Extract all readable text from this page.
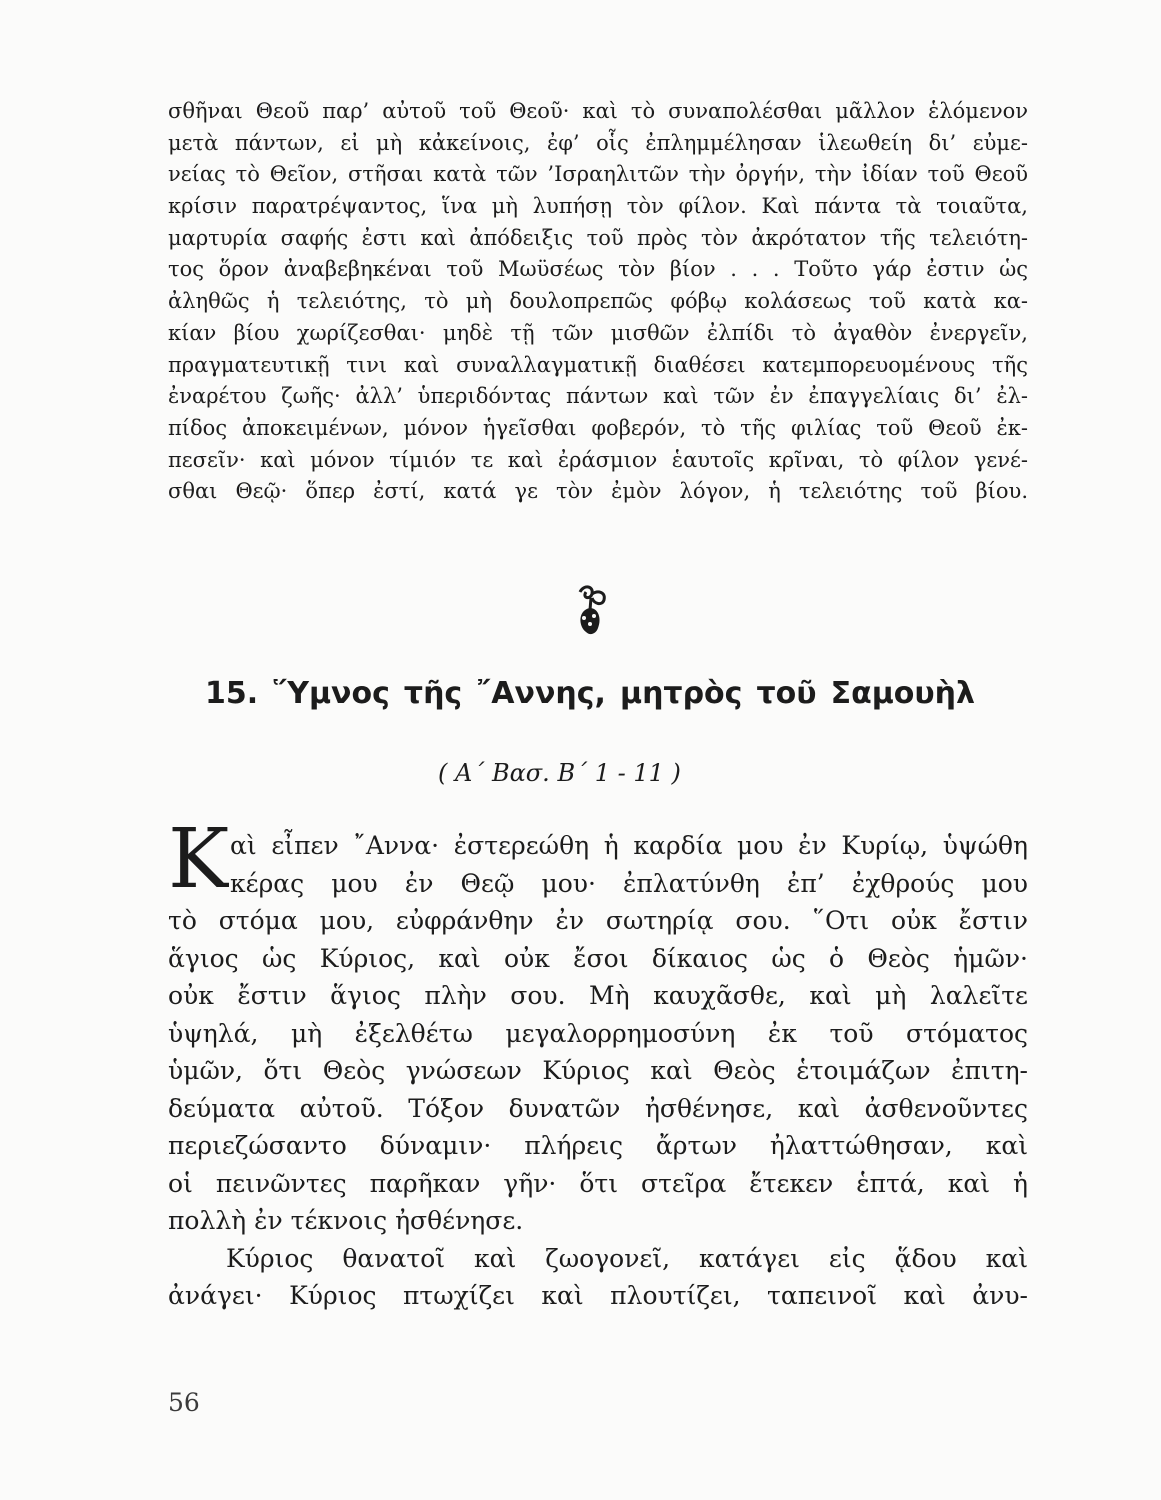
σθῆναι Θεοῦ παρ’ αὐτοῦ τοῦ Θεοῦ· καὶ τὸ συναπολέσθαι μᾶλλον ἑλόμενον
μετὰ πάντων, εἰ μὴ κἀκείνοις, ἐφ’ οἷς ἐπλημμέλησαν ἱλεωθείη δι’ εὐμε-
νείας τὸ Θεῖον, στῆσαι κατὰ τῶν ’Ισραηλιτῶν τὴν ὀργήν, τὴν ἰδίαν τοῦ Θεοῦ
κρίσιν παρατρέψαντος, ἵνα μὴ λυπήσῃ τὸν φίλον. Καὶ πάντα τὰ τοιαῦτα,
μαρτυρία σαφής ἐστι καὶ ἀπόδειξις τοῦ πρὸς τὸν ἀκρότατον τῆς τελειότη-
τος ὅρον ἀναβεβηκέναι τοῦ Μωϋσέως τὸν βίον . . . Τοῦτο γάρ ἐστιν ὡς
ἀληθῶς ἡ τελειότης, τὸ μὴ δουλοπρεπῶς φόβῳ κολάσεως τοῦ κατὰ κα-
κίαν βίου χωρίζεσθαι· μηδὲ τῇ τῶν μισθῶν ἐλπίδι τὸ ἀγαθὸν ἐνεργεῖν,
πραγματευτικῇ τινι καὶ συναλλαγματικῇ διαθέσει κατεμπορευομένους τῆς
ἐναρέτου ζωῆς· ἀλλ’ ὑπεριδόντας πάντων καὶ τῶν ἐν ἐπαγγελίαις δι’ ἐλ-
πίδος ἀποκειμένων, μόνον ἡγεῖσθαι φοβερόν, τὸ τῆς φιλίας τοῦ Θεοῦ ἐκ-
πεσεῖν· καὶ μόνον τίμιόν τε καὶ ἐράσμιον ἑαυτοῖς κρῖναι, τὸ φίλον γενέ-
σθαι Θεῷ· ὅπερ ἐστί, κατά γε τὸν ἐμὸν λόγον, ἡ τελειότης τοῦ βίου.
15. ῞Υμνος τῆς ῎Αννης, μητρὸς τοῦ Σαμουὴλ
( Α΄ Βασ. Β΄ 1 - 11 )
Κ αὶ εἶπεν ῎Αννα· ἐστερεώθη ἡ καρδία μου ἐν Κυρίῳ, ὑψώθη
κέρας μου ἐν Θεῷ μου· ἐπλατύνθη ἐπ’ ἐχθρούς μου
τὸ στόμα μου, εὐφράνθην ἐν σωτηρίᾳ σου. ῞Οτι οὐκ ἔστιν
ἅγιος ὡς Κύριος, καὶ οὐκ ἔσοι δίκαιος ὡς ὁ Θεὸς ἡμῶν·
οὐκ ἔστιν ἅγιος πλὴν σου. Μὴ καυχᾶσθε, καὶ μὴ λαλεῖτε
ὑψηλά, μὴ ἐξελθέτω μεγαλορρημοσύνη ἐκ τοῦ στόματος
ὑμῶν, ὅτι Θεὸς γνώσεων Κύριος καὶ Θεὸς ἑτοιμάζων ἐπιτη-
δεύματα αὐτοῦ. Τόξον δυνατῶν ἠσθένησε, καὶ ἀσθενοῦντες
περιεζώσαντο δύναμιν· πλήρεις ἄρτων ἠλαττώθησαν, καὶ
οἱ πεινῶντες παρῆκαν γῆν· ὅτι στεῖρα ἔτεκεν ἑπτά, καὶ ἡ
πολλὴ ἐν τέκνοις ἠσθένησε.
Κύριος θανατοῖ καὶ ζωογονεῖ, κατάγει εἰς ᾅδου καὶ
ἀνάγει· Κύριος πτωχίζει καὶ πλουτίζει, ταπεινοῖ καὶ ἀνυ-
56
